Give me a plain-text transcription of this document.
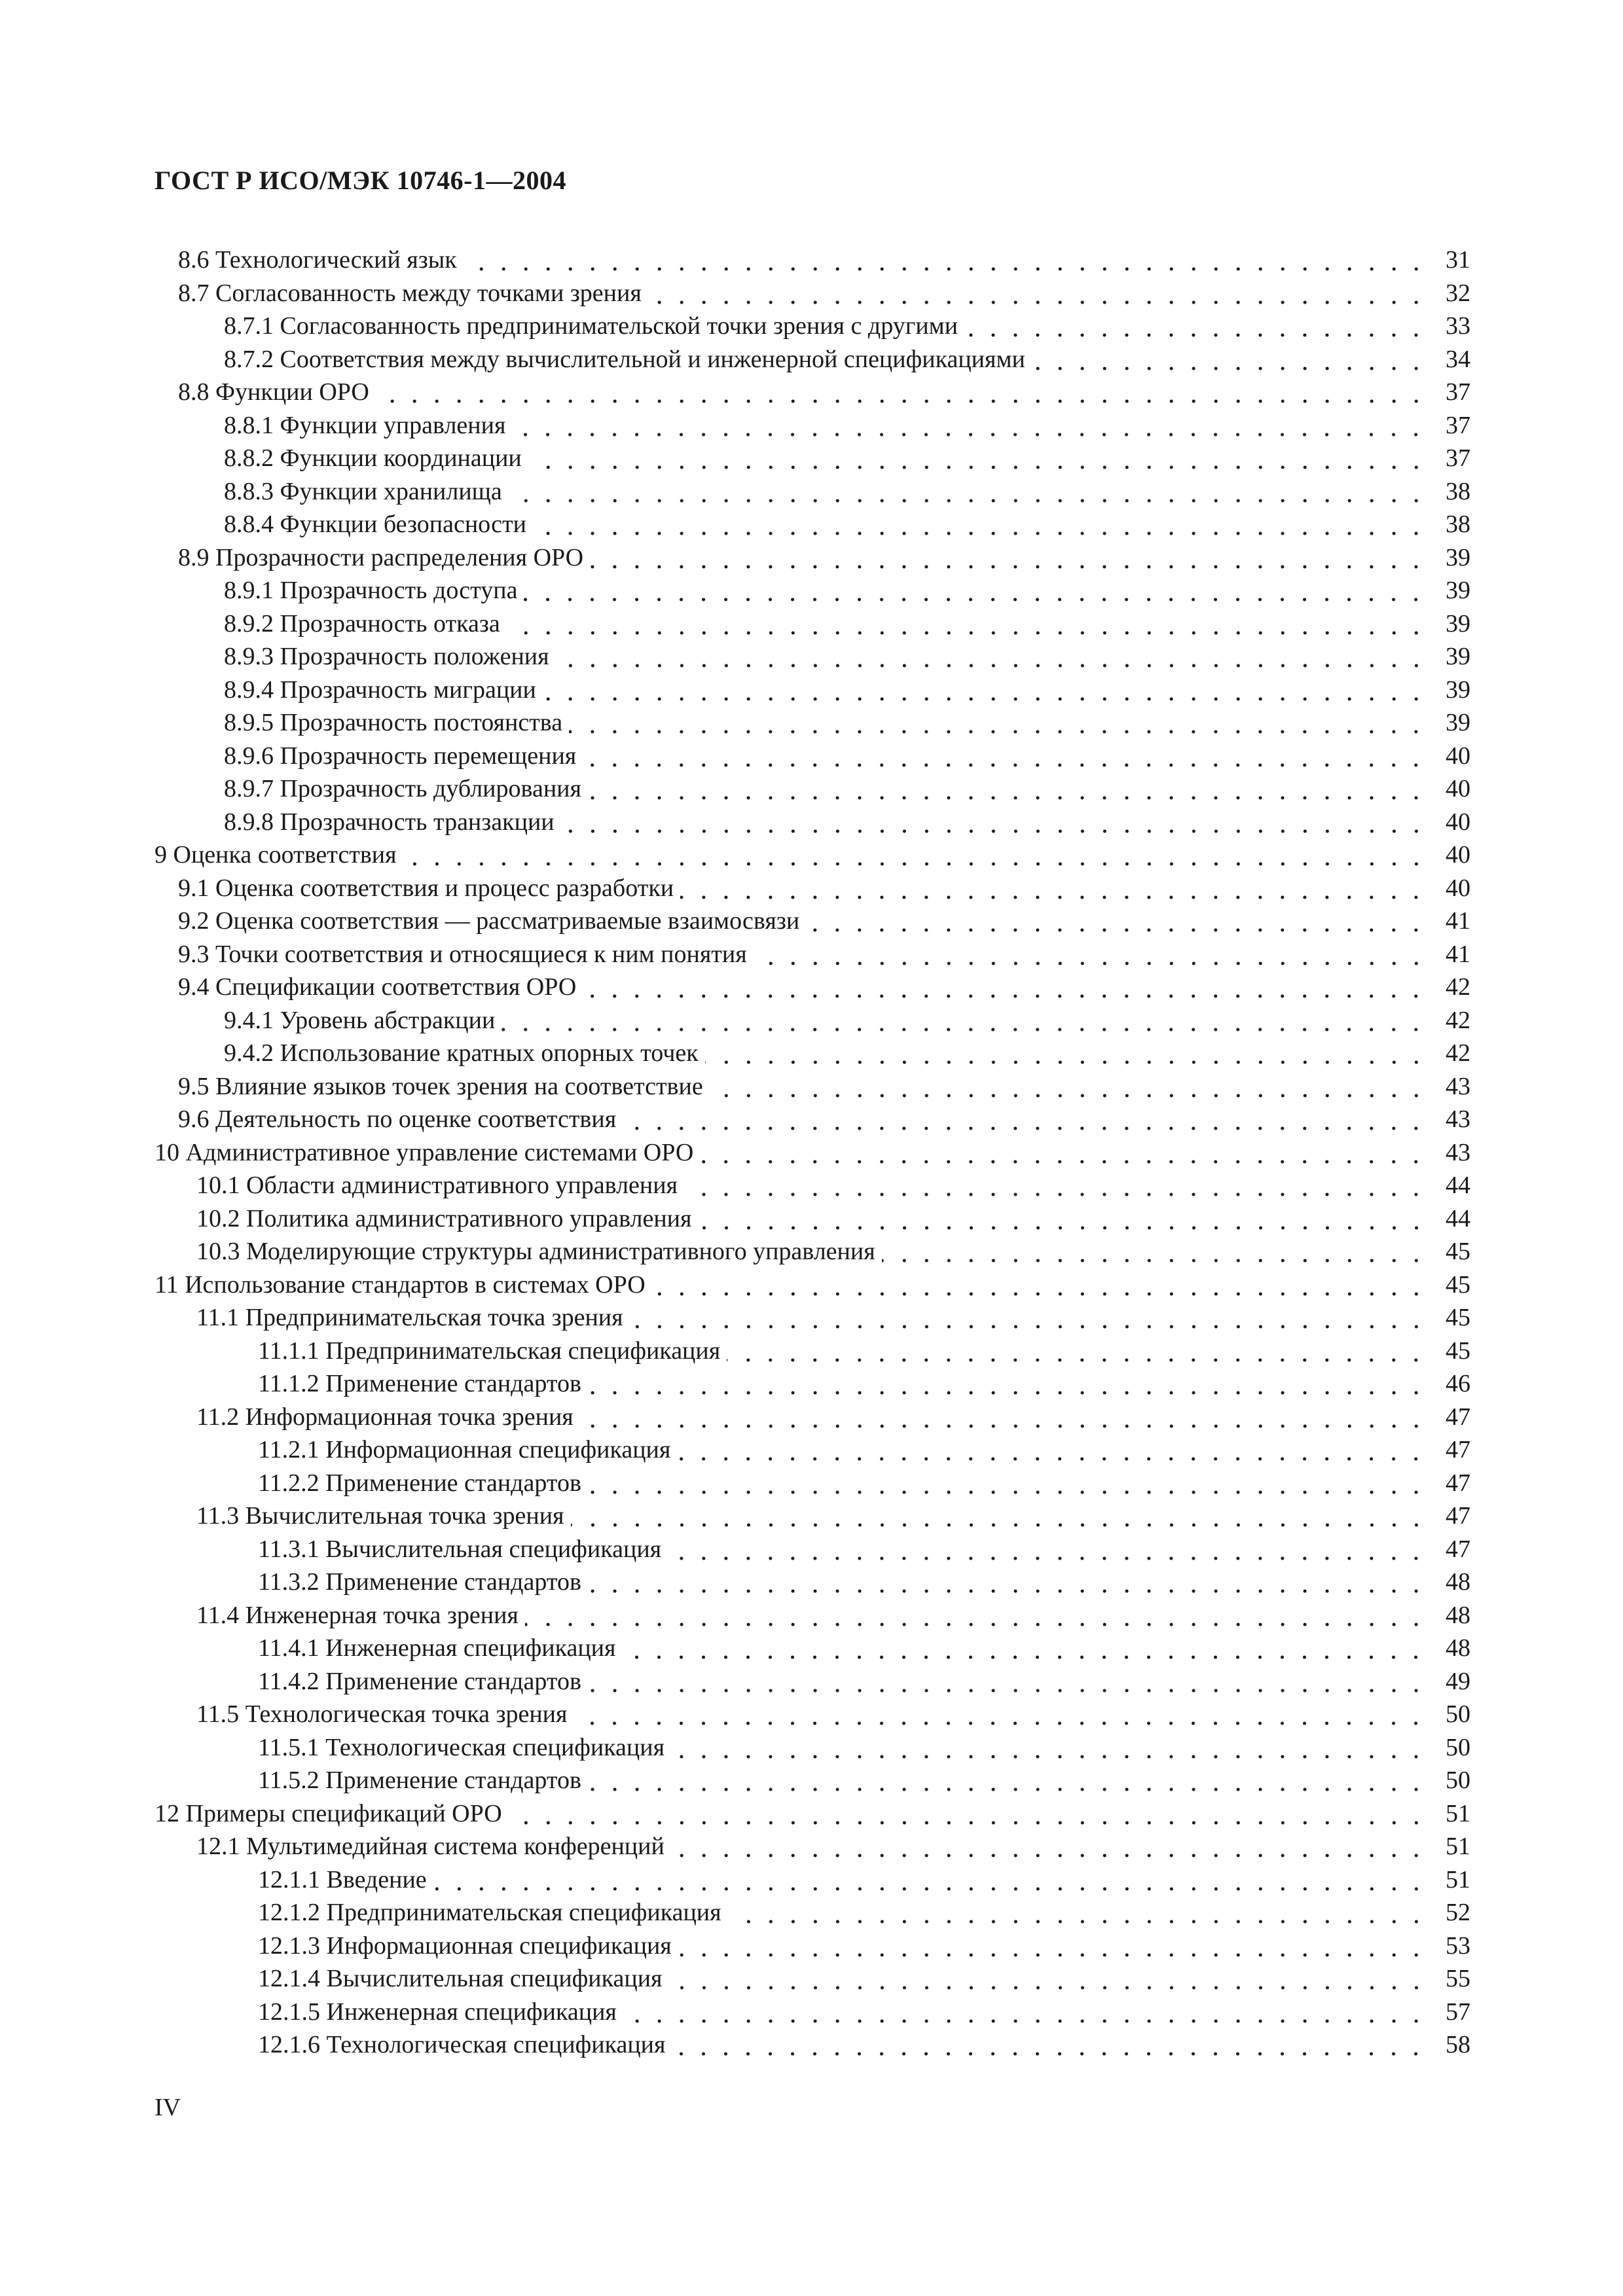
ГОСТ Р ИСО/МЭК 10746-1—2004
8.6 Технологический язык	31
8.7 Согласованность между точками зрения	32
8.7.1 Согласованность предпринимательской точки зрения с другими	33
8.7.2 Соответствия между вычислительной и инженерной спецификациями	34
8.8 Функции ОРО	37
8.8.1 Функции управления	37
8.8.2 Функции координации	37
8.8.3 Функции хранилища	38
8.8.4 Функции безопасности	38
8.9 Прозрачности распределения ОРО	39
8.9.1 Прозрачность доступа	39
8.9.2 Прозрачность отказа	39
8.9.3 Прозрачность положения	39
8.9.4 Прозрачность миграции	39
8.9.5 Прозрачность постоянства	39
8.9.6 Прозрачность перемещения	40
8.9.7 Прозрачность дублирования	40
8.9.8 Прозрачность транзакции	40
9 Оценка соответствия	40
9.1 Оценка соответствия и процесс разработки	40
9.2 Оценка соответствия — рассматриваемые взаимосвязи	41
9.3 Точки соответствия и относящиеся к ним понятия	41
9.4 Спецификации соответствия ОРО	42
9.4.1 Уровень абстракции	42
9.4.2 Использование кратных опорных точек	42
9.5 Влияние языков точек зрения на соответствие	43
9.6 Деятельность по оценке соответствия	43
10 Административное управление системами ОРО	43
10.1 Области административного управления	44
10.2 Политика административного управления	44
10.3 Моделирующие структуры административного управления	45
11 Использование стандартов в системах ОРО	45
11.1 Предпринимательская точка зрения	45
11.1.1 Предпринимательская спецификация	45
11.1.2 Применение стандартов	46
11.2 Информационная точка зрения	47
11.2.1 Информационная спецификация	47
11.2.2 Применение стандартов	47
11.3 Вычислительная точка зрения	47
11.3.1 Вычислительная спецификация	47
11.3.2 Применение стандартов	48
11.4 Инженерная точка зрения	48
11.4.1 Инженерная спецификация	48
11.4.2 Применение стандартов	49
11.5 Технологическая точка зрения	50
11.5.1 Технологическая спецификация	50
11.5.2 Применение стандартов	50
12 Примеры спецификаций ОРО	51
12.1 Мультимедийная система конференций	51
12.1.1 Введение	51
12.1.2 Предпринимательская спецификация	52
12.1.3 Информационная спецификация	53
12.1.4 Вычислительная спецификация	55
12.1.5 Инженерная спецификация	57
12.1.6 Технологическая спецификация	58
IV
